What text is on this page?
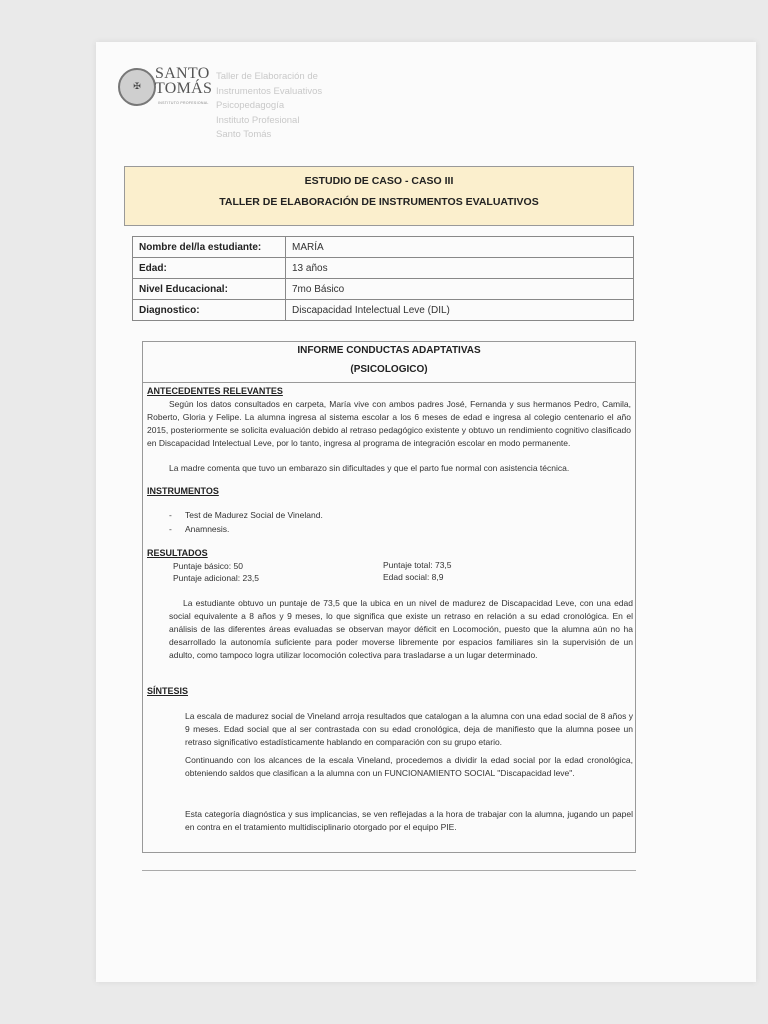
✠
SANTO
TOMÁS
INSTITUTO PROFESIONAL
Taller de Elaboración de
Instrumentos Evaluativos
Psicopedagogía
Instituto Profesional
Santo Tomás
ESTUDIO DE CASO - CASO III
TALLER DE ELABORACIÓN DE INSTRUMENTOS EVALUATIVOS
Nombre del/la estudiante:	MARÍA
Edad:	13 años
Nivel Educacional:	7mo Básico
Diagnostico:	Discapacidad Intelectual Leve (DIL)
INFORME CONDUCTAS ADAPTATIVAS
(PSICOLOGICO)
ANTECEDENTES RELEVANTES
Según los datos consultados en carpeta, María vive con ambos padres José, Fernanda y sus hermanos Pedro, Camila, Roberto, Gloria y Felipe. La alumna ingresa al sistema escolar a los 6 meses de edad e ingresa al colegio centenario el año 2015, posteriormente se solicita evaluación debido al retraso pedagógico existente y obtuvo un rendimiento cognitivo clasificado en Discapacidad Intelectual Leve, por lo tanto, ingresa al programa de integración escolar en modo permanente.
La madre comenta que tuvo un embarazo sin dificultades y que el parto fue normal con asistencia técnica.
INSTRUMENTOS
- Test de Madurez Social de Vineland.
- Anamnesis.
RESULTADOS
Puntaje básico: 50
Puntaje adicional: 23,5
Puntaje total: 73,5
Edad social: 8,9
La estudiante obtuvo un puntaje de 73,5 que la ubica en un nivel de madurez de Discapacidad Leve, con una edad social equivalente a 8 años y 9 meses, lo que significa que existe un retraso en relación a su edad cronológica. En el análisis de las diferentes áreas evaluadas se observan mayor déficit en Locomoción, puesto que la alumna aún no ha desarrollado la autonomía suficiente para poder moverse libremente por espacios familiares sin la supervisión de un adulto, como tampoco logra utilizar locomoción colectiva para trasladarse a un lugar determinado.
SÍNTESIS
La escala de madurez social de Vineland arroja resultados que catalogan a la alumna con una edad social de 8 años y 9 meses. Edad social que al ser contrastada con su edad cronológica, deja de manifiesto que la alumna posee un retraso significativo estadísticamente hablando en comparación con su grupo etario.
Continuando con los alcances de la escala Vineland, procedemos a dividir la edad social por la edad cronológica, obteniendo saldos que clasifican a la alumna con un FUNCIONAMIENTO SOCIAL "Discapacidad leve".
Esta categoría diagnóstica y sus implicancias, se ven reflejadas a la hora de trabajar con la alumna, jugando un papel en contra en el tratamiento multidisciplinario otorgado por el equipo PIE.
